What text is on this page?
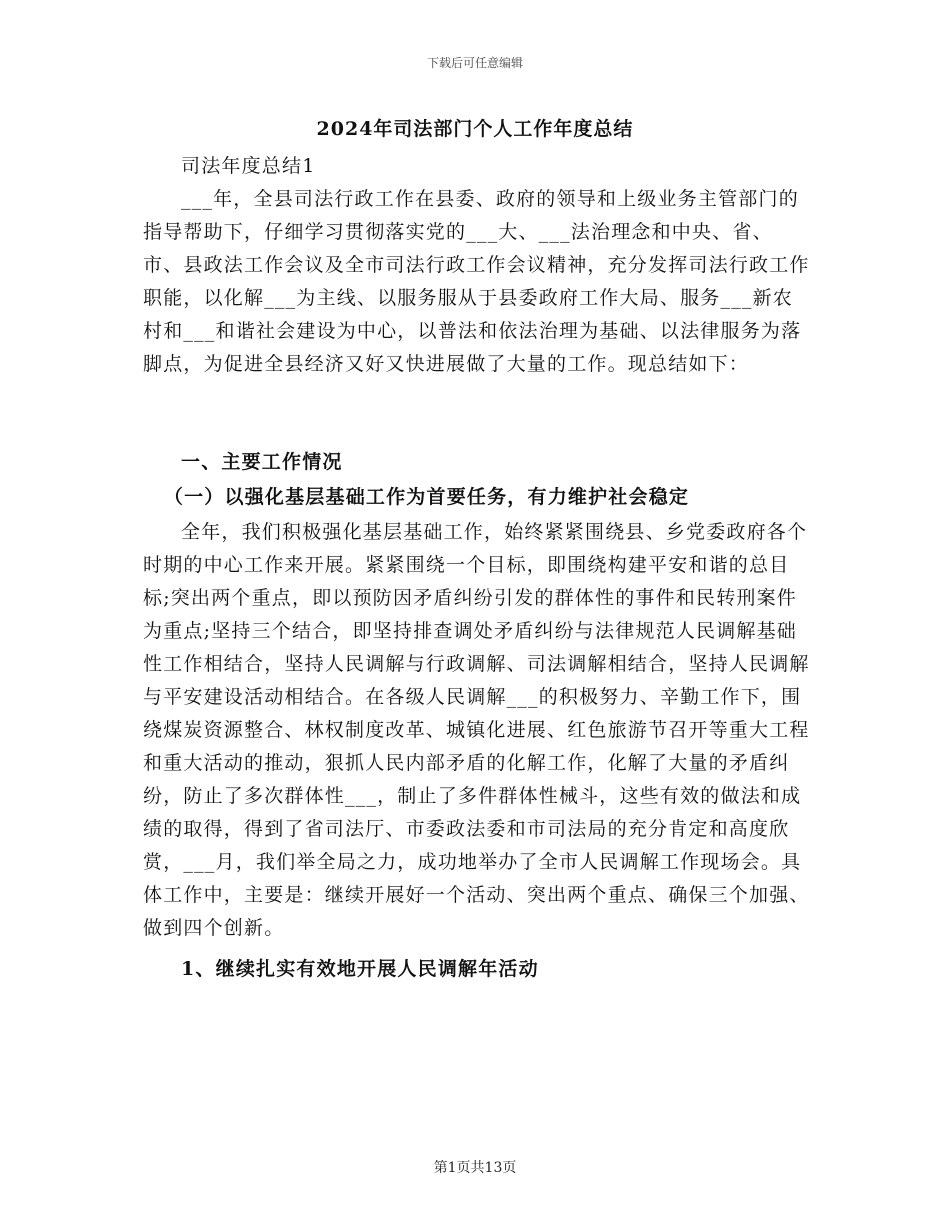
下载后可任意编辑
2024年司法部门个人工作年度总结

司法年度总结1

___年，全县司法行政工作在县委、政府的领导和上级业务主管部门的指导帮助下，仔细学习贯彻落实党的___大、___法治理念和中央、省、市、县政法工作会议及全市司法行政工作会议精神，充分发挥司法行政工作职能，以化解___为主线、以服务服从于县委政府工作大局、服务___新农村和___和谐社会建设为中心，以普法和依法治理为基础、以法律服务为落脚点，为促进全县经济又好又快进展做了大量的工作。现总结如下：

一、主要工作情况

（一）以强化基层基础工作为首要任务，有力维护社会稳定

全年，我们积极强化基层基础工作，始终紧紧围绕县、乡党委政府各个时期的中心工作来开展。紧紧围绕一个目标，即围绕构建平安和谐的总目标;突出两个重点，即以预防因矛盾纠纷引发的群体性的事件和民转刑案件为重点;坚持三个结合，即坚持排查调处矛盾纠纷与法律规范人民调解基础性工作相结合，坚持人民调解与行政调解、司法调解相结合，坚持人民调解与平安建设活动相结合。在各级人民调解___的积极努力、辛勤工作下，围绕煤炭资源整合、林权制度改革、城镇化进展、红色旅游节召开等重大工程和重大活动的推动，狠抓人民内部矛盾的化解工作，化解了大量的矛盾纠纷，防止了多次群体性___，制止了多件群体性械斗，这些有效的做法和成绩的取得，得到了省司法厅、市委政法委和市司法局的充分肯定和高度欣赏，___月，我们举全局之力，成功地举办了全市人民调解工作现场会。具体工作中，主要是：继续开展好一个活动、突出两个重点、确保三个加强、做到四个创新。

1、继续扎实有效地开展人民调解年活动

第1页共13页
